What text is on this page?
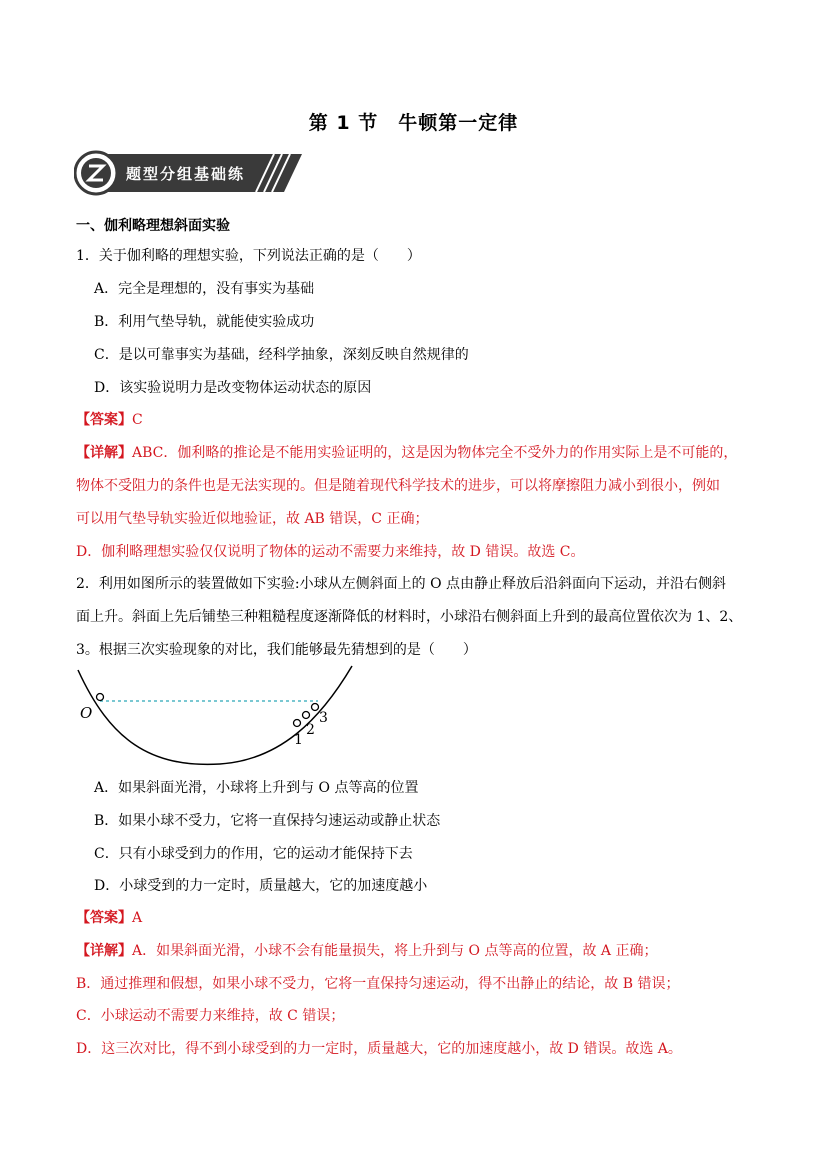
第 1 节　牛顿第一定律
题型分组基础练
一、伽利略理想斜面实验
1．关于伽利略的理想实验，下列说法正确的是（　　）
A．完全是理想的，没有事实为基础
B．利用气垫导轨，就能使实验成功
C．是以可靠事实为基础，经科学抽象，深刻反映自然规律的
D．该实验说明力是改变物体运动状态的原因
【答案】C
【详解】ABC．伽利略的推论是不能用实验证明的，这是因为物体完全不受外力的作用实际上是不可能的，
物体不受阻力的条件也是无法实现的。但是随着现代科学技术的进步，可以将摩擦阻力减小到很小，例如
可以用气垫导轨实验近似地验证，故 AB 错误，C 正确；
D．伽利略理想实验仅仅说明了物体的运动不需要力来维持，故 D 错误。故选 C。
2．利用如图所示的装置做如下实验:小球从左侧斜面上的 O 点由静止释放后沿斜面向下运动，并沿右侧斜
面上升。斜面上先后铺垫三种粗糙程度逐渐降低的材料时，小球沿右侧斜面上升到的最高位置依次为 1、2、
3。根据三次实验现象的对比，我们能够最先猜想到的是（　　）
O
1
2
3
A．如果斜面光滑，小球将上升到与 O 点等高的位置
B．如果小球不受力，它将一直保持匀速运动或静止状态
C．只有小球受到力的作用，它的运动才能保持下去
D．小球受到的力一定时，质量越大，它的加速度越小
【答案】A
【详解】A．如果斜面光滑，小球不会有能量损失，将上升到与 O 点等高的位置，故 A 正确；
B．通过推理和假想，如果小球不受力，它将一直保持匀速运动，得不出静止的结论，故 B 错误；
C．小球运动不需要力来维持，故 C 错误；
D．这三次对比，得不到小球受到的力一定时，质量越大，它的加速度越小，故 D 错误。故选 A。
